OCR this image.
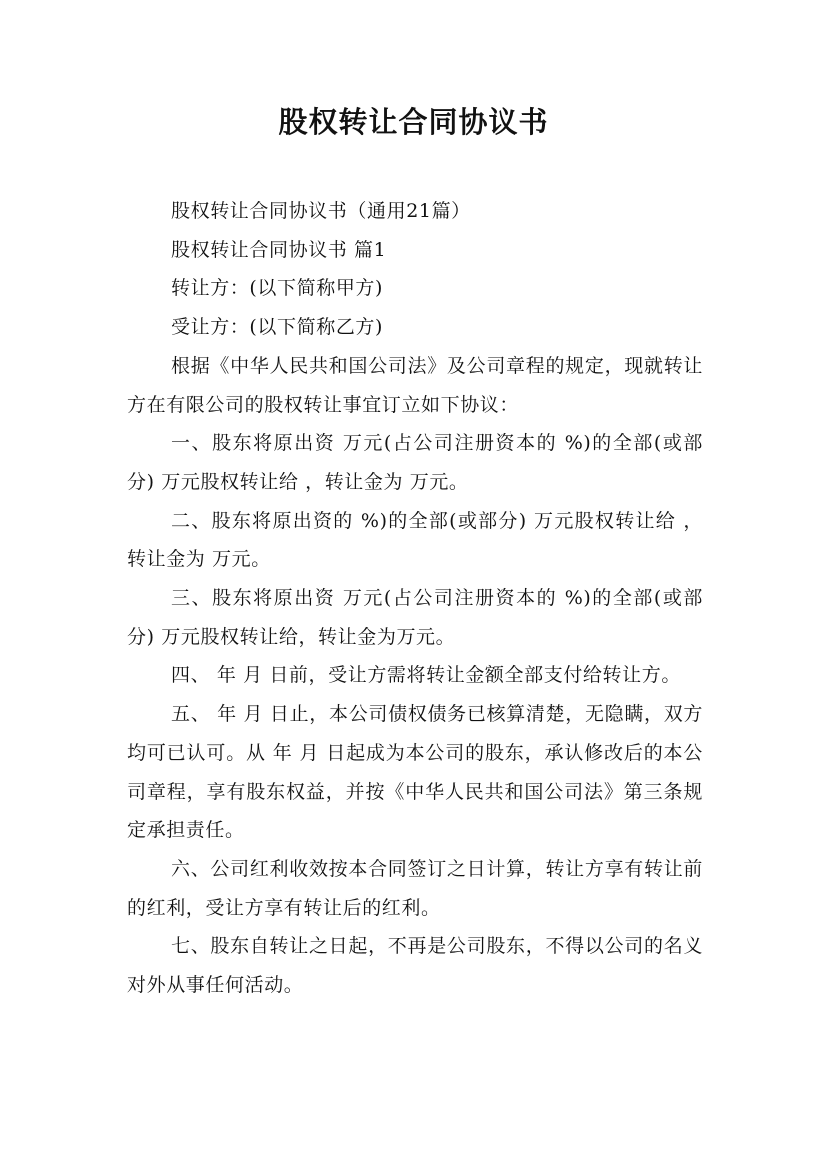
股权转让合同协议书

股权转让合同协议书（通用21篇）

股权转让合同协议书 篇1

转让方：(以下简称甲方)

受让方：(以下简称乙方)

根据《中华人民共和国公司法》及公司章程的规定，现就转让方在有限公司的股权转让事宜订立如下协议：

一、股东将原出资 万元(占公司注册资本的 %)的全部(或部分) 万元股权转让给 ，转让金为 万元。

二、股东将原出资的 %)的全部(或部分) 万元股权转让给 ，转让金为 万元。

三、股东将原出资 万元(占公司注册资本的 %)的全部(或部分) 万元股权转让给，转让金为万元。

四、 年 月 日前，受让方需将转让金额全部支付给转让方。

五、 年 月 日止，本公司债权债务已核算清楚，无隐瞒，双方均可已认可。从 年 月 日起成为本公司的股东，承认修改后的本公司章程，享有股东权益，并按《中华人民共和国公司法》第三条规定承担责任。

六、公司红利收效按本合同签订之日计算，转让方享有转让前的红利，受让方享有转让后的红利。

七、股东自转让之日起，不再是公司股东，不得以公司的名义对外从事任何活动。
